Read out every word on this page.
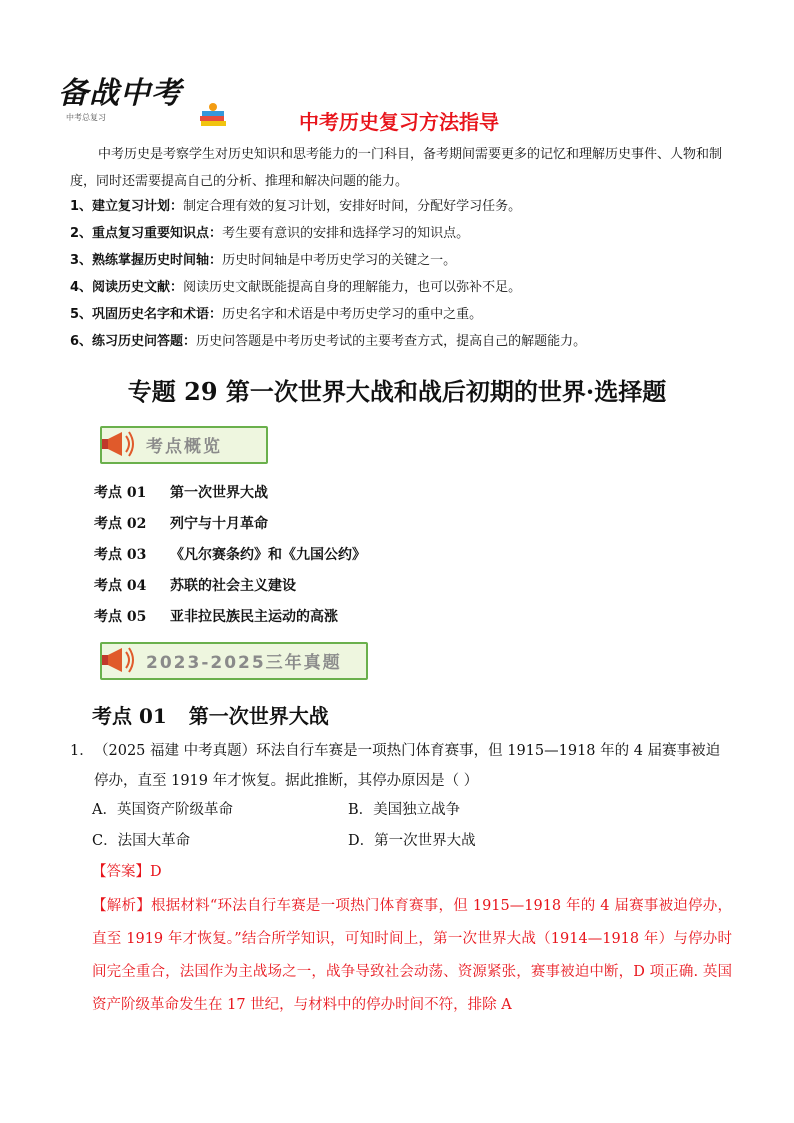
备战中考
中考总复习	中考历史复习方法指导
中考历史是考察学生对历史知识和思考能力的一门科目，备考期间需要更多的记忆和理解历史事件、人物和制度，同时还需要提高自己的分析、推理和解决问题的能力。
1、建立复习计划：制定合理有效的复习计划，安排好时间，分配好学习任务。
2、重点复习重要知识点：考生要有意识的安排和选择学习的知识点。
3、熟练掌握历史时间轴：历史时间轴是中考历史学习的关键之一。
4、阅读历史文献：阅读历史文献既能提高自身的理解能力，也可以弥补不足。
5、巩固历史名字和术语：历史名字和术语是中考历史学习的重中之重。
6、练习历史问答题：历史问答题是中考历史考试的主要考查方式，提高自己的解题能力。
专题 29 第一次世界大战和战后初期的世界·选择题
考点概览
考点 01 第一次世界大战
考点 02 列宁与十月革命
考点 03 《凡尔赛条约》和《九国公约》
考点 04 苏联的社会主义建设
考点 05 亚非拉民族民主运动的高涨
2023-2025三年真题
考点 01 第一次世界大战
1． （2025 福建 中考真题）环法自行车赛是一项热门体育赛事，但 1915—1918 年的 4 届赛事被迫停办，直至 1919 年才恢复。据此推断，其停办原因是（ ）
A．英国资产阶级革命	B．美国独立战争
C．法国大革命	D．第一次世界大战
【答案】D
【解析】根据材料“环法自行车赛是一项热门体育赛事，但 1915—1918 年的 4 届赛事被迫停办，直至 1919 年才恢复。”结合所学知识，可知时间上，第一次世界大战（1914—1918 年）与停办时间完全重合，法国作为主战场之一，战争导致社会动荡、资源紧张，赛事被迫中断，D 项正确. 英国资产阶级革命发生在 17 世纪，与材料中的停办时间不符，排除 A
